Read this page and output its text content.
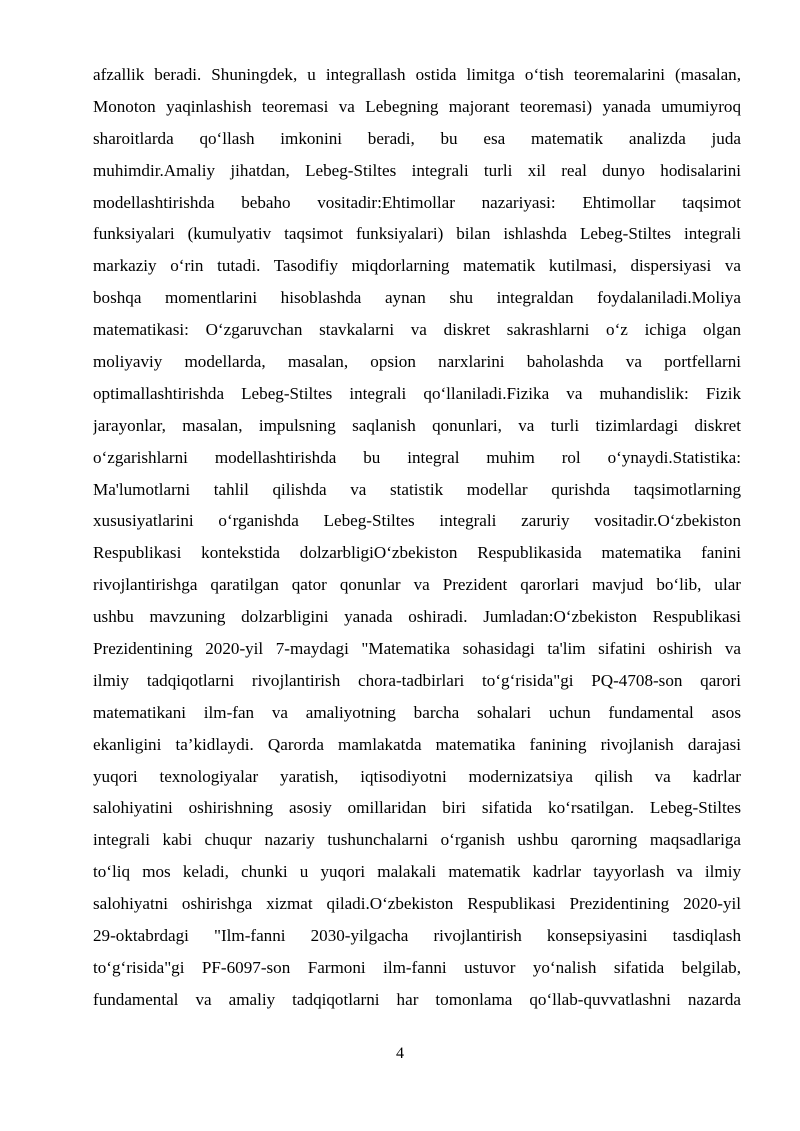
afzallik beradi. Shuningdek, u integrallash ostida limitga o‘tish teoremalarini (masalan,
Monoton yaqinlashish teoremasi va Lebegning majorant teoremasi) yanada umumiyroq
sharoitlarda qo‘llash imkonini beradi, bu esa matematik analizda juda
muhimdir.Amaliy jihatdan, Lebeg-Stiltes integrali turli xil real dunyo hodisalarini
modellashtirishda bebaho vositadir:Ehtimollar nazariyasi: Ehtimollar taqsimot
funksiyalari (kumulyativ taqsimot funksiyalari) bilan ishlashda Lebeg-Stiltes integrali
markaziy o‘rin tutadi. Tasodifiy miqdorlarning matematik kutilmasi, dispersiyasi va
boshqa momentlarini hisoblashda aynan shu integraldan foydalaniladi.Moliya
matematikasi: O‘zgaruvchan stavkalarni va diskret sakrashlarni o‘z ichiga olgan
moliyaviy modellarda, masalan, opsion narxlarini baholashda va portfellarni
optimallashtirishda Lebeg-Stiltes integrali qo‘llaniladi.Fizika va muhandislik: Fizik
jarayonlar, masalan, impulsning saqlanish qonunlari, va turli tizimlardagi diskret
o‘zgarishlarni modellashtirishda bu integral muhim rol o‘ynaydi.Statistika:
Ma'lumotlarni tahlil qilishda va statistik modellar qurishda taqsimotlarning
xususiyatlarini o‘rganishda Lebeg-Stiltes integrali zaruriy vositadir.O‘zbekiston
Respublikasi kontekstida dolzarbligiO‘zbekiston Respublikasida matematika fanini
rivojlantirishga qaratilgan qator qonunlar va Prezident qarorlari mavjud bo‘lib, ular
ushbu mavzuning dolzarbligini yanada oshiradi. Jumladan:O‘zbekiston Respublikasi
Prezidentining 2020-yil 7-maydagi "Matematika sohasidagi ta'lim sifatini oshirish va
ilmiy tadqiqotlarni rivojlantirish chora-tadbirlari to‘g‘risida"gi PQ-4708-son qarori
matematikani ilm-fan va amaliyotning barcha sohalari uchun fundamental asos
ekanligini ta’kidlaydi. Qarorda mamlakatda matematika fanining rivojlanish darajasi
yuqori texnologiyalar yaratish, iqtisodiyotni modernizatsiya qilish va kadrlar
salohiyatini oshirishning asosiy omillaridan biri sifatida ko‘rsatilgan. Lebeg-Stiltes
integrali kabi chuqur nazariy tushunchalarni o‘rganish ushbu qarorning maqsadlariga
to‘liq mos keladi, chunki u yuqori malakali matematik kadrlar tayyorlash va ilmiy
salohiyatni oshirishga xizmat qiladi.O‘zbekiston Respublikasi Prezidentining 2020-yil
29-oktabrdagi "Ilm-fanni 2030-yilgacha rivojlantirish konsepsiyasini tasdiqlash
to‘g‘risida"gi PF-6097-son Farmoni ilm-fanni ustuvor yo‘nalish sifatida belgilab,
fundamental va amaliy tadqiqotlarni har tomonlama qo‘llab-quvvatlashni nazarda
4
